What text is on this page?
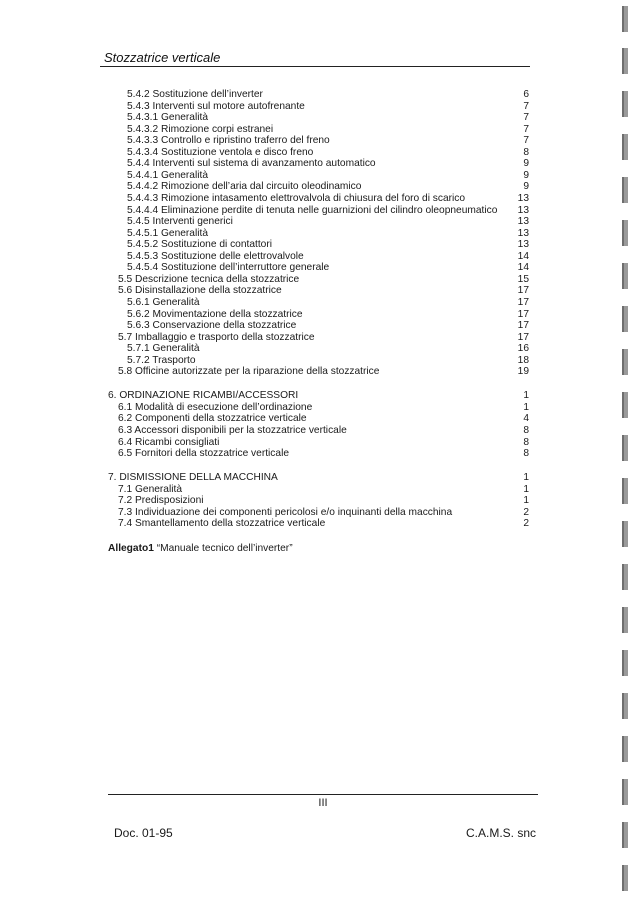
Stozzatrice verticale
5.4.2 Sostituzione dell’inverter	6
5.4.3 Interventi sul motore autofrenante	7
5.4.3.1 Generalità	7
5.4.3.2 Rimozione corpi estranei	7
5.4.3.3 Controllo e ripristino traferro del freno	7
5.4.3.4 Sostituzione ventola e disco freno	8
5.4.4 Interventi sul sistema di avanzamento automatico	9
5.4.4.1 Generalità	9
5.4.4.2 Rimozione dell’aria dal circuito oleodinamico	9
5.4.4.3 Rimozione intasamento elettrovalvola di chiusura del foro di scarico	13
5.4.4.4 Eliminazione perdite di tenuta nelle guarnizioni del cilindro oleopneumatico	13
5.4.5 Interventi generici	13
5.4.5.1 Generalità	13
5.4.5.2 Sostituzione di contattori	13
5.4.5.3 Sostituzione delle elettrovalvole	14
5.4.5.4 Sostituzione dell’interruttore generale	14
5.5 Descrizione tecnica della stozzatrice	15
5.6 Disinstallazione della stozzatrice	17
5.6.1 Generalità	17
5.6.2 Movimentazione della stozzatrice	17
5.6.3 Conservazione della stozzatrice	17
5.7 Imballaggio e trasporto della stozzatrice	17
5.7.1 Generalità	16
5.7.2 Trasporto	18
5.8 Officine autorizzate per la riparazione della stozzatrice	19
6. ORDINAZIONE RICAMBI/ACCESSORI	1
6.1 Modalità di esecuzione dell’ordinazione	1
6.2 Componenti della stozzatrice verticale	4
6.3 Accessori disponibili per la stozzatrice verticale	8
6.4 Ricambi consigliati	8
6.5 Fornitori della stozzatrice verticale	8
7. DISMISSIONE DELLA MACCHINA	1
7.1 Generalità	1
7.2 Predisposizioni	1
7.3 Individuazione dei componenti pericolosi e/o inquinanti della macchina	2
7.4 Smantellamento della stozzatrice verticale	2
Allegato1 “Manuale tecnico dell’inverter”
III
Doc. 01-95	C.A.M.S. snc
